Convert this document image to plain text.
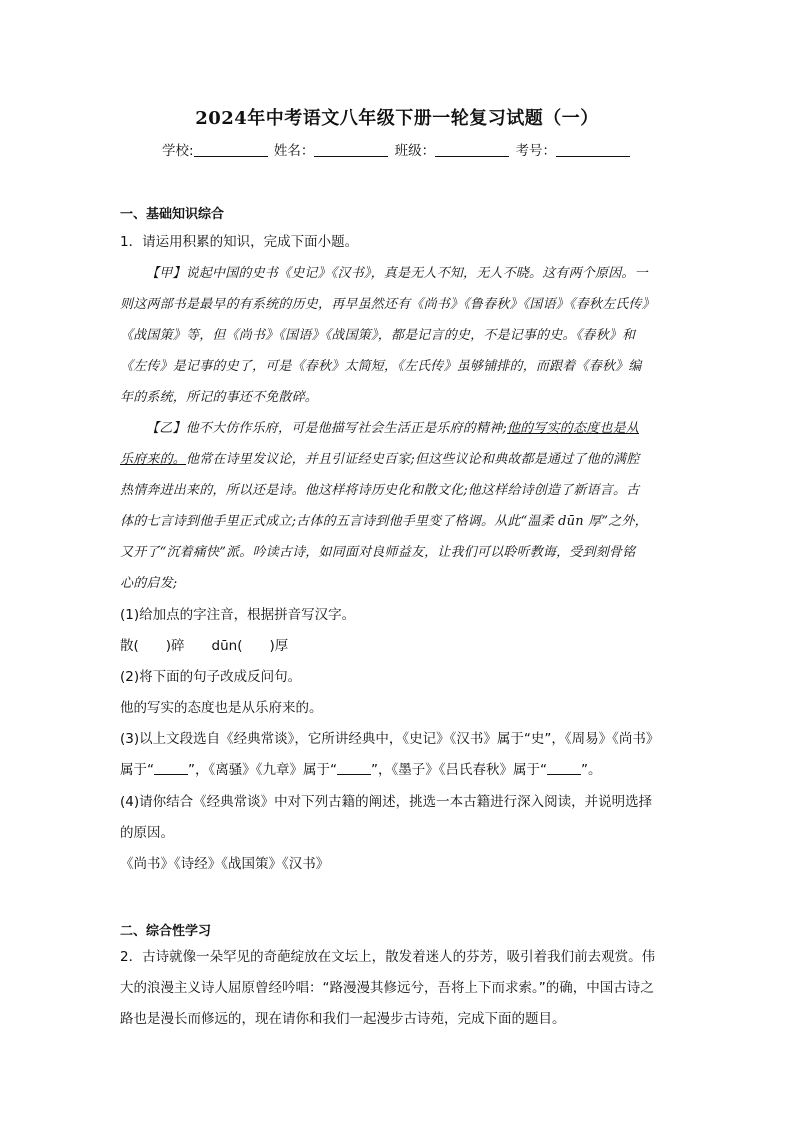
2024年中考语文八年级下册一轮复习试题（一）
学校:	姓名：	班级：	考号：
一、基础知识综合
1．请运用积累的知识，完成下面小题。
【甲】说起中国的史书《史记》《汉书》，真是无人不知，无人不晓。这有两个原因。一
则这两部书是最早的有系统的历史，再早虽然还有《尚书》《鲁春秋》《国语》《春秋左氏传》
《战国策》等，但《尚书》《国语》《战国策》，都是记言的史，不是记事的史。《春秋》和
《左传》是记事的史了，可是《春秋》太简短，《左氏传》虽够铺排的，而跟着《春秋》编
年的系统，所记的事还不免散碎。
【乙】他不大仿作乐府，可是他描写社会生活正是乐府的精神;他的写实的态度也是从
乐府来的。他常在诗里发议论，并且引证经史百家;但这些议论和典故都是通过了他的满腔
热情奔进出来的，所以还是诗。他这样将诗历史化和散文化;他这样给诗创造了新语言。古
体的七言诗到他手里正式成立;古体的五言诗到他手里变了格调。从此“温柔 dūn 厚”之外，
又开了“沉着痛快”派。吟读古诗，如同面对良师益友，让我们可以聆听教诲，受到刻骨铭
心的启发;
(1)给加点的字注音，根据拼音写汉字。
散(　　)碎　　dūn(　　)厚
(2)将下面的句子改成反问句。
他的写实的态度也是从乐府来的。
(3)以上文段选自《经典常谈》，它所讲经典中，《史记》《汉书》属于“史”，《周易》《尚书》
属于“	”，《离骚》《九章》属于“	”，《墨子》《吕氏春秋》属于“	”。
(4)请你结合《经典常谈》中对下列古籍的阐述，挑选一本古籍进行深入阅读，并说明选择
的原因。
《尚书》《诗经》《战国策》《汉书》
二、综合性学习
2．古诗就像一朵罕见的奇葩绽放在文坛上，散发着迷人的芬芳，吸引着我们前去观赏。伟
大的浪漫主义诗人屈原曾经吟唱：“路漫漫其修远兮，吾将上下而求索。”的确，中国古诗之
路也是漫长而修远的，现在请你和我们一起漫步古诗苑，完成下面的题目。
